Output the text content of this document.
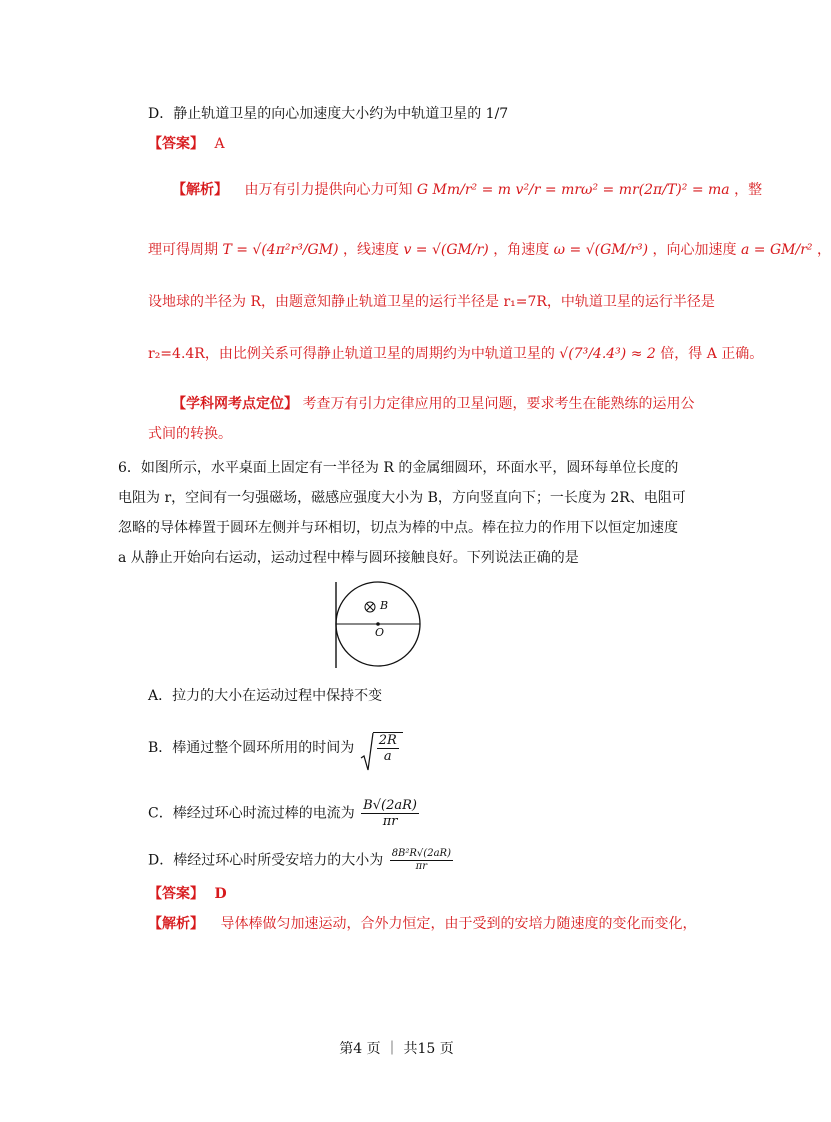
D．静止轨道卫星的向心加速度大小约为中轨道卫星的 1/7
【答案】 A
【解析】 由万有引力提供向心力可知 G Mm/r² = m v²/r = mrω² = mr(2π/T)² = ma ，整
理可得周期 T = √(4π²r³/GM) ，线速度 v = √(GM/r) ，角速度 ω = √(GM/r³) ，向心加速度 a = GM/r² ，
设地球的半径为 R，由题意知静止轨道卫星的运行半径是 r₁=7R，中轨道卫星的运行半径是
r₂=4.4R，由比例关系可得静止轨道卫星的周期约为中轨道卫星的 √(7³/4.4³) ≈ 2 倍，得 A 正确。
【学科网考点定位】 考查万有引力定律应用的卫星问题，要求考生在能熟练的运用公
式间的转换。
6．如图所示，水平桌面上固定有一半径为 R 的金属细圆环，环面水平，圆环每单位长度的
电阻为 r，空间有一匀强磁场，磁感应强度大小为 B，方向竖直向下；一长度为 2R、电阻可
忽略的导体棒置于圆环左侧并与环相切，切点为棒的中点。棒在拉力的作用下以恒定加速度
a 从静止开始向右运动，运动过程中棒与圆环接触良好。下列说法正确的是
B
O
A．拉力的大小在运动过程中保持不变
B．棒通过整个圆环所用的时间为 $\frac{2R}{a}$
C．棒经过环心时流过棒的电流为 $\frac{B√(2aR)}{\pi r}$
D．棒经过环心时所受安培力的大小为 $\frac{\text{8B²R√(2aR)}}{\pi r}$
【答案】 D
【解析】 导体棒做匀加速运动，合外力恒定，由于受到的安培力随速度的变化而变化，
第4 页 ｜ 共15 页
